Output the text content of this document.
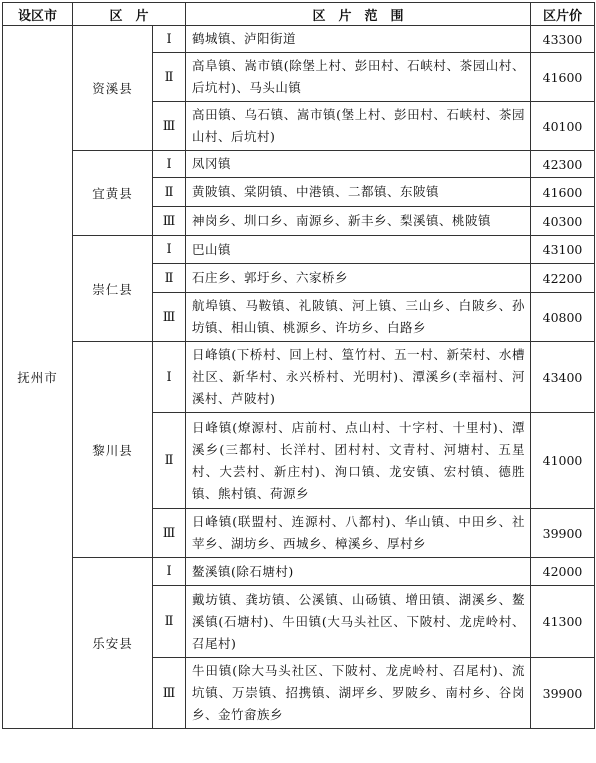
设区市	区　片		区　片　范　围	区片价
抚州市	资溪县	Ⅰ	鹤城镇、泸阳街道	43300
		Ⅱ	高阜镇、嵩市镇(除堡上村、彭田村、石峡村、茶园山村、后坑村)、马头山镇	41600
		Ⅲ	高田镇、乌石镇、嵩市镇(堡上村、彭田村、石峡村、茶园山村、后坑村)	40100
	宜黄县	Ⅰ	凤冈镇	42300
		Ⅱ	黄陂镇、棠阴镇、中港镇、二都镇、东陂镇	41600
		Ⅲ	神岗乡、圳口乡、南源乡、新丰乡、梨溪镇、桃陂镇	40300
	崇仁县	Ⅰ	巴山镇	43100
		Ⅱ	石庄乡、郭圩乡、六家桥乡	42200
		Ⅲ	航埠镇、马鞍镇、礼陂镇、河上镇、三山乡、白陂乡、孙坊镇、相山镇、桃源乡、许坊乡、白路乡	40800
	黎川县	Ⅰ	日峰镇(下桥村、回上村、篁竹村、五一村、新荣村、水槽社区、新华村、永兴桥村、光明村)、潭溪乡(幸福村、河溪村、芦陂村)	43400
		Ⅱ	日峰镇(燎源村、店前村、点山村、十字村、十里村)、潭溪乡(三都村、长洋村、团村村、文青村、河塘村、五星村、大芸村、新庄村)、洵口镇、龙安镇、宏村镇、德胜镇、熊村镇、荷源乡	41000
		Ⅲ	日峰镇(联盟村、连源村、八都村)、华山镇、中田乡、社苹乡、湖坊乡、西城乡、樟溪乡、厚村乡	39900
	乐安县	Ⅰ	鳌溪镇(除石塘村)	42000
		Ⅱ	戴坊镇、龚坊镇、公溪镇、山砀镇、增田镇、湖溪乡、鳌溪镇(石塘村)、牛田镇(大马头社区、下陂村、龙虎岭村、召尾村)	41300
		Ⅲ	牛田镇(除大马头社区、下陂村、龙虎岭村、召尾村)、流坑镇、万崇镇、招携镇、湖坪乡、罗陂乡、南村乡、谷岗乡、金竹畲族乡	39900
